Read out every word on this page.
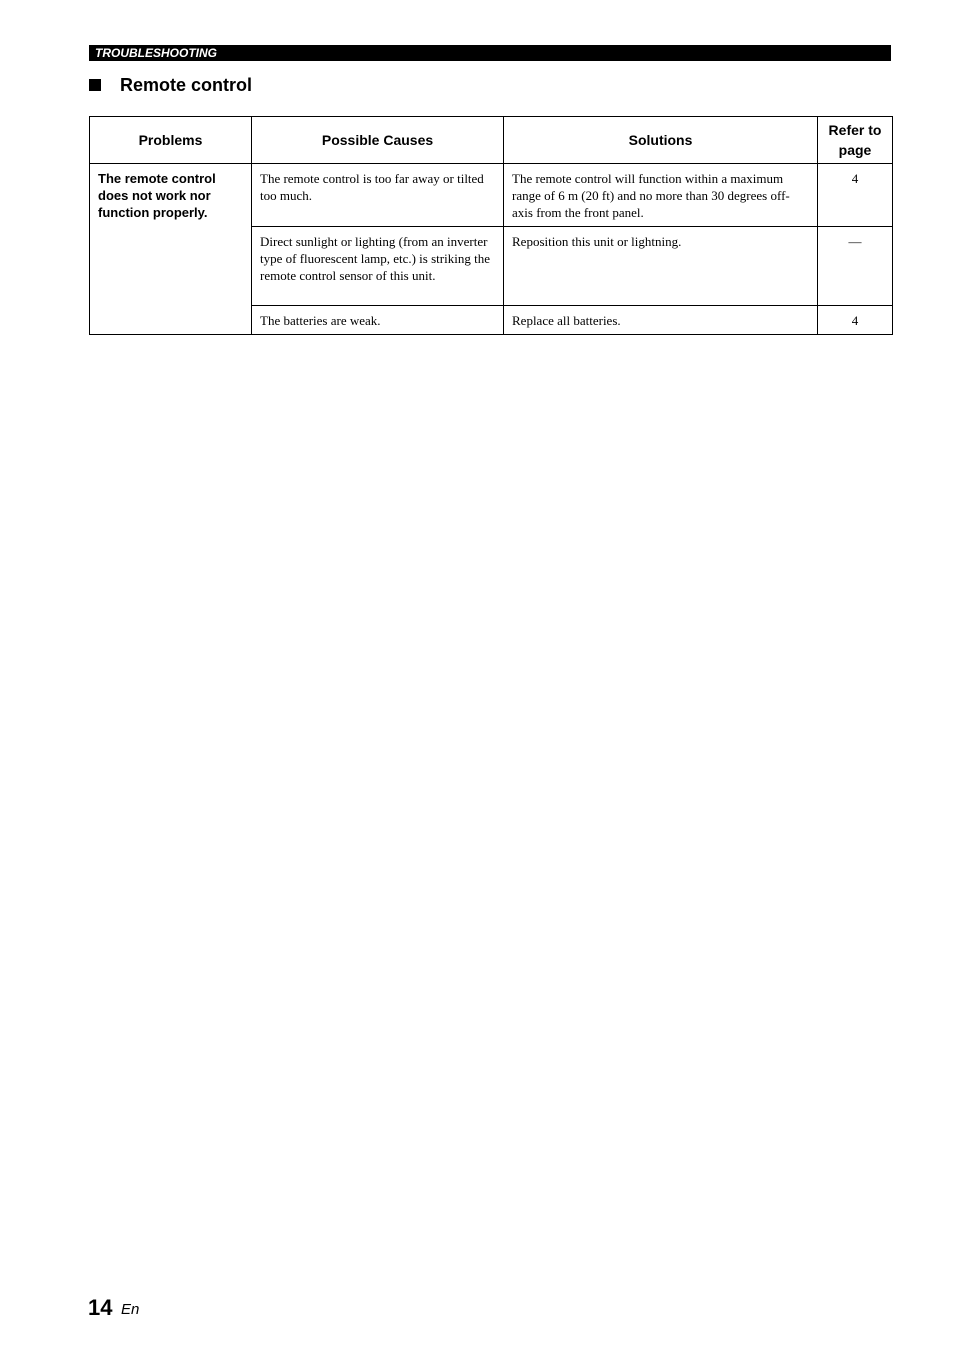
TROUBLESHOOTING
Remote control
Problems	Possible Causes	Solutions	Refer to page
The remote control does not work nor function properly.	The remote control is too far away or tilted too much.	The remote control will function within a maximum range of 6 m (20 ft) and no more than 30 degrees off-axis from the front panel.	4
	Direct sunlight or lighting (from an inverter type of fluorescent lamp, etc.) is striking the remote control sensor of this unit.	Reposition this unit or lightning.	—
	The batteries are weak.	Replace all batteries.	4
14 En
